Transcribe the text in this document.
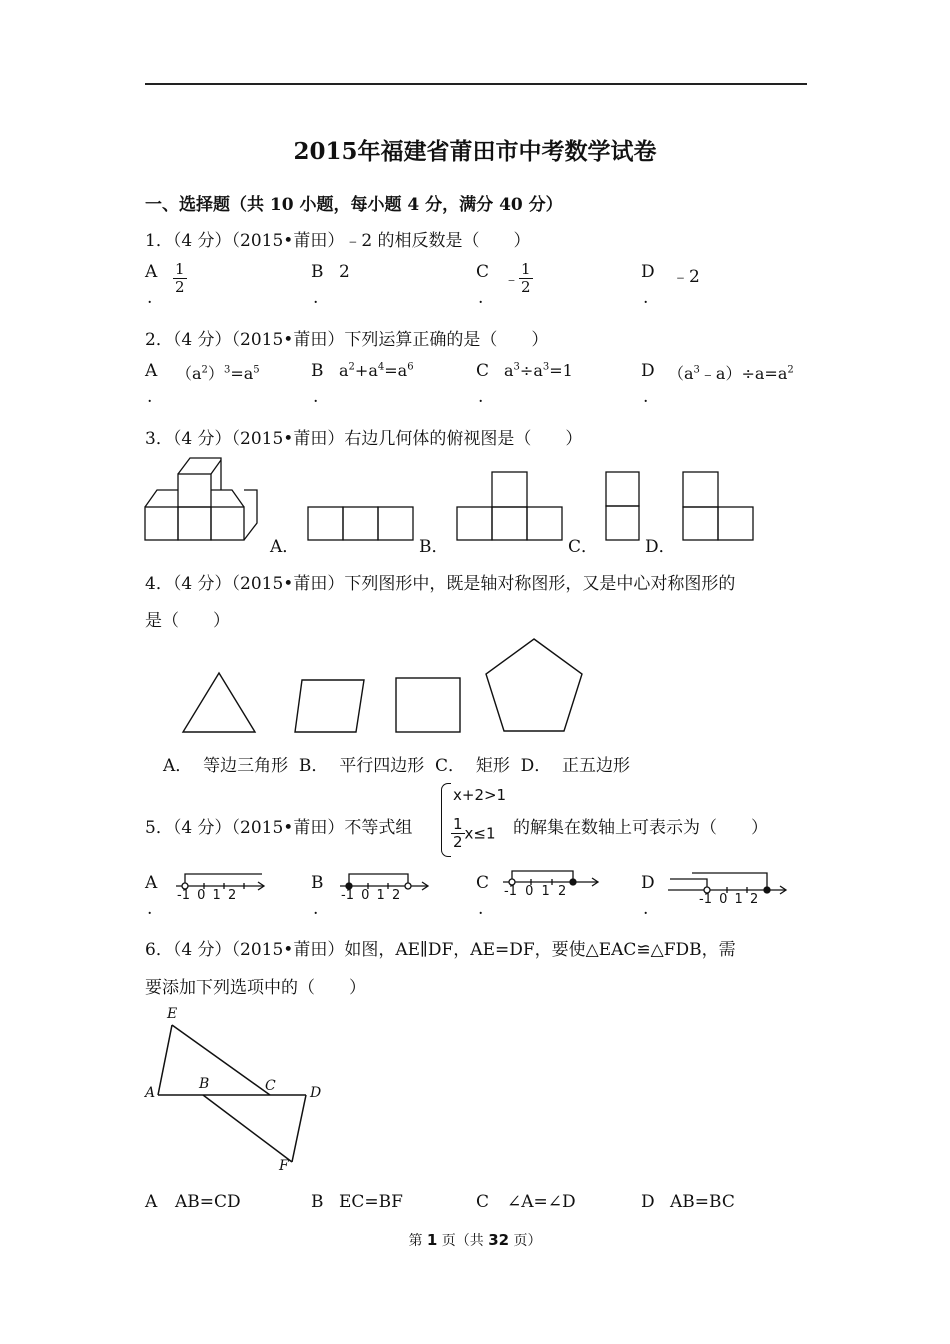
2015年福建省莆田市中考数学试卷
一、选择题（共 10 小题，每小题 4 分，满分 40 分）
1．（4 分）（2015•莆田）﹣2 的相反数是（　　）
A
.
$\frac{1}{2}$	B 2
.
C ﹣ $\frac{1}{2}$
.
D ﹣2
.
2．（4 分）（2015•莆田）下列运算正确的是（　　）
A $(a^2)^3=a^5$
.
B $a^2+a^4=a^6$
.
C $a^3\div a^3=1$
.
D $(a^3﹣a)\div a=a^2$
.
3．（4 分）（2015•莆田）右边几何体的俯视图是（　　）
A．	B．	C．	D．
4．（4 分）（2015•莆田）下列图形中，既是轴对称图形，又是中心对称图形的
是（　　）
A．  等边三角形  B．  平行四边形  C．  矩形  D．  正五边形
5．（4 分）（2015•莆田）不等式组
x+2>1
$\frac{1}{2} x\le 1$ 的解集在数轴上可表示为（　　）
A
.
B
.
C
.
D
.
-1 0 1 2	-1 0 1 2	-1 0 1 2
-1 0 1 2
6．（4 分）（2015•莆田）如图，AE∥DF，AE=DF，要使△EAC≌△FDB，需
要添加下列选项中的（　　）
E
A
B	C D
F
A AB=CD	B EC=BF	C ∠A=∠D	D AB=BC
第 1 页（共 32 页）
